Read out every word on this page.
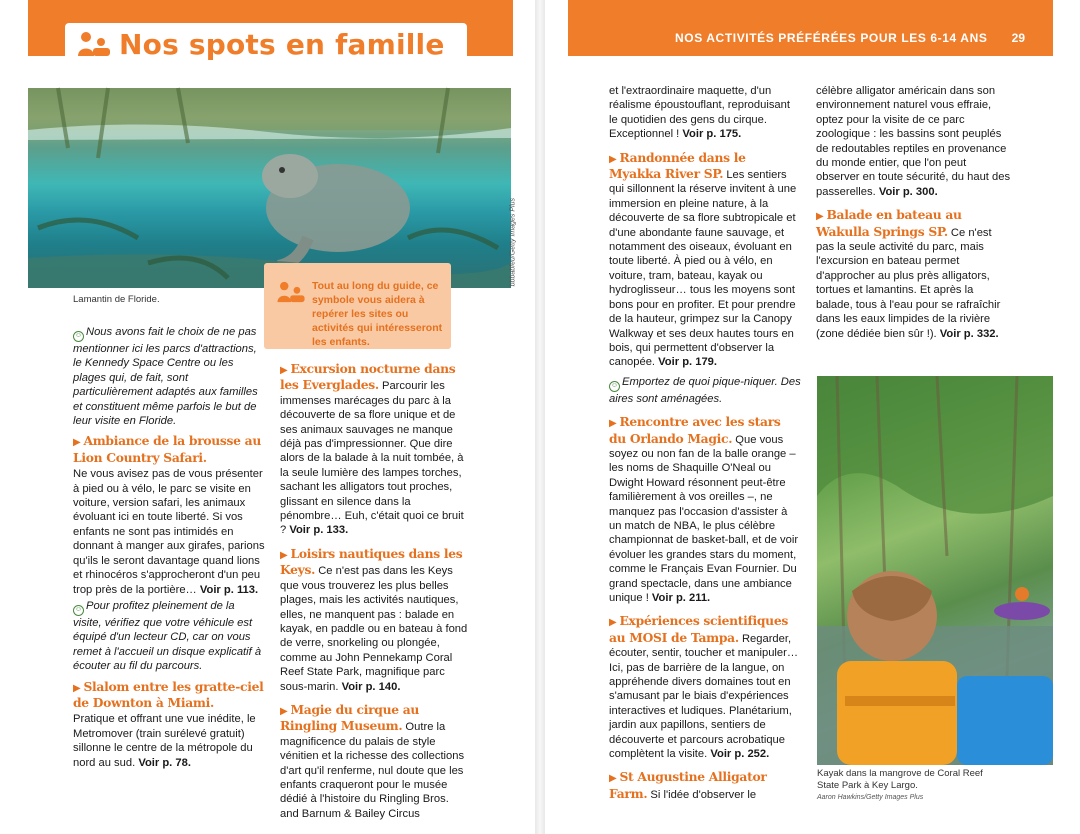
Nos spots en famille
bbbabfeu/Getty Images Plus
Lamantin de Floride.
Tout au long du guide, ce symbole vous aidera à repérer les sites ou activités qui intéresseront les enfants.

☺ Nous avons fait le choix de ne pas mentionner ici les parcs d'attractions, le Kennedy Space Centre ou les plages qui, de fait, sont particulièrement adaptés aux familles et constituent même parfois le but de leur visite en Floride.

▶ Ambiance de la brousse au Lion Country Safari.

Ne vous avisez pas de vous présenter à pied ou à vélo, le parc se visite en voiture, version safari, les animaux évoluant ici en toute liberté. Si vos enfants ne sont pas intimidés en donnant à manger aux girafes, parions qu'ils le seront davantage quand lions et rhinocéros s'approcheront d'un peu trop près de la portière… Voir p. 113.

☺ Pour profitez pleinement de la visite, vérifiez que votre véhicule est équipé d'un lecteur CD, car on vous remet à l'accueil un disque explicatif à écouter au fil du parcours.

▶ Slalom entre les gratte-ciel de Downton à Miami.

Pratique et offrant une vue inédite, le Metromover (train surélevé gratuit) sillonne le centre de la métropole du nord au sud. Voir p. 78.

▶ Excursion nocturne dans les Everglades. Parcourir les immenses marécages du parc à la découverte de sa flore unique et de ses animaux sauvages ne manque déjà pas d'impressionner. Que dire alors de la balade à la nuit tombée, à la seule lumière des lampes torches, sachant les alligators tout proches, glissant en silence dans la pénombre… Euh, c'était quoi ce bruit ? Voir p. 133.

▶ Loisirs nautiques dans les Keys. Ce n'est pas dans les Keys que vous trouverez les plus belles plages, mais les activités nautiques, elles, ne manquent pas : balade en kayak, en paddle ou en bateau à fond de verre, snorkeling ou plongée, comme au John Pennekamp Coral Reef State Park, magnifique parc sous-marin. Voir p. 140.

▶ Magie du cirque au Ringling Museum. Outre la magnificence du palais de style vénitien et la richesse des collections d'art qu'il renferme, nul doute que les enfants craqueront pour le musée dédié à l'histoire du Ringling Bros. and Barnum & Bailey Circus

NOS ACTIVITÉS PRÉFÉRÉES POUR LES 6-14 ANS 29

et l'extraordinaire maquette, d'un réalisme époustouflant, reproduisant le quotidien des gens du cirque. Exceptionnel ! Voir p. 175.

▶ Randonnée dans le Myakka River SP. Les sentiers qui sillonnent la réserve invitent à une immersion en pleine nature, à la découverte de sa flore subtropicale et d'une abondante faune sauvage, et notamment des oiseaux, évoluant en toute liberté. À pied ou à vélo, en voiture, tram, bateau, kayak ou hydroglisseur… tous les moyens sont bons pour en profiter. Et pour prendre de la hauteur, grimpez sur la Canopy Walkway et ses deux hautes tours en bois, qui permettent d'observer la canopée. Voir p. 179.

☺ Emportez de quoi pique-niquer. Des aires sont aménagées.

▶ Rencontre avec les stars du Orlando Magic. Que vous soyez ou non fan de la balle orange – les noms de Shaquille O'Neal ou Dwight Howard résonnent peut-être familièrement à vos oreilles –, ne manquez pas l'occasion d'assister à un match de NBA, le plus célèbre championnat de basket-ball, et de voir évoluer les grandes stars du moment, comme le Français Evan Fournier. Du grand spectacle, dans une ambiance unique ! Voir p. 211.

▶ Expériences scientifiques au MOSI de Tampa. Regarder, écouter, sentir, toucher et manipuler… Ici, pas de barrière de la langue, on appréhende divers domaines tout en s'amusant par le biais d'expériences interactives et ludiques. Planétarium, jardin aux papillons, sentiers de découverte et parcours acrobatique complètent la visite. Voir p. 252.

▶ St Augustine Alligator Farm. Si l'idée d'observer le

célèbre alligator américain dans son environnement naturel vous effraie, optez pour la visite de ce parc zoologique : les bassins sont peuplés de redoutables reptiles en provenance du monde entier, que l'on peut observer en toute sécurité, du haut des passerelles. Voir p. 300.

▶ Balade en bateau au Wakulla Springs SP. Ce n'est pas la seule activité du parc, mais l'excursion en bateau permet d'approcher au plus près alligators, tortues et lamantins. Et après la balade, tous à l'eau pour se rafraîchir dans les eaux limpides de la rivière (zone dédiée bien sûr !). Voir p. 332.

Kayak dans la mangrove de Coral Reef State Park à Key Largo.
Aaron Hawkins/Getty Images Plus
